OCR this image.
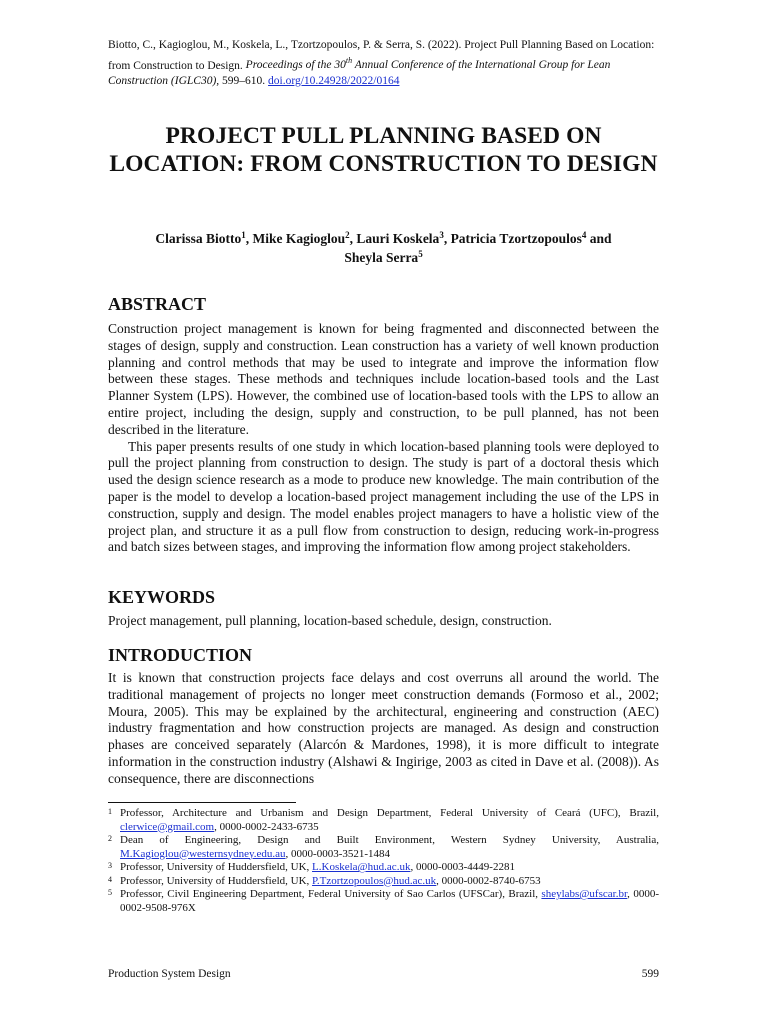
Biotto, C., Kagioglou, M., Koskela, L., Tzortzopoulos, P. & Serra, S. (2022). Project Pull Planning Based on Location: from Construction to Design. Proceedings of the 30th Annual Conference of the International Group for Lean Construction (IGLC30), 599–610. doi.org/10.24928/2022/0164
PROJECT PULL PLANNING BASED ON LOCATION: FROM CONSTRUCTION TO DESIGN
Clarissa Biotto$^1$, Mike Kagioglou$^2$, Lauri Koskela$^3$, Patricia Tzortzopoulos$^4$ and
Sheyla Serra$^5$
ABSTRACT

Construction project management is known for being fragmented and disconnected between the stages of design, supply and construction. Lean construction has a variety of well known production planning and control methods that may be used to integrate and improve the information flow between these stages. These methods and techniques include location-based tools and the Last Planner System (LPS). However, the combined use of location-based tools with the LPS to allow an entire project, including the design, supply and construction, to be pull planned, has not been described in the literature.

This paper presents results of one study in which location-based planning tools were deployed to pull the project planning from construction to design. The study is part of a doctoral thesis which used the design science research as a mode to produce new knowledge. The main contribution of the paper is the model to develop a location-based project management including the use of the LPS in construction, supply and design. The model enables project managers to have a holistic view of the project plan, and structure it as a pull flow from construction to design, reducing work-in-progress and batch sizes between stages, and improving the information flow among project stakeholders.

KEYWORDS

Project management, pull planning, location-based schedule, design, construction.

INTRODUCTION

It is known that construction projects face delays and cost overruns all around the world. The traditional management of projects no longer meet construction demands (Formoso et al., 2002; Moura, 2005). This may be explained by the architectural, engineering and construction (AEC) industry fragmentation and how construction projects are managed. As design and construction phases are conceived separately (Alarcón & Mardones, 1998), it is more difficult to integrate information in the construction industry (Alshawi & Ingirige, 2003 as cited in Dave et al. (2008)). As consequence, there are disconnections

1 Professor, Architecture and Urbanism and Design Department, Federal University of Ceará (UFC), Brazil, clerwice@gmail.com, 0000-0002-2433-6735
2 Dean of Engineering, Design and Built Environment, Western Sydney University, Australia, M.Kagioglou@westernsydney.edu.au, 0000-0003-3521-1484
3 Professor, University of Huddersfield, UK, L.Koskela@hud.ac.uk, 0000-0003-4449-2281
4 Professor, University of Huddersfield, UK, P.Tzortzopoulos@hud.ac.uk, 0000-0002-8740-6753
5 Professor, Civil Engineering Department, Federal University of Sao Carlos (UFSCar), Brazil, sheylabs@ufscar.br, 0000-0002-9508-976X
Production System Design	599
